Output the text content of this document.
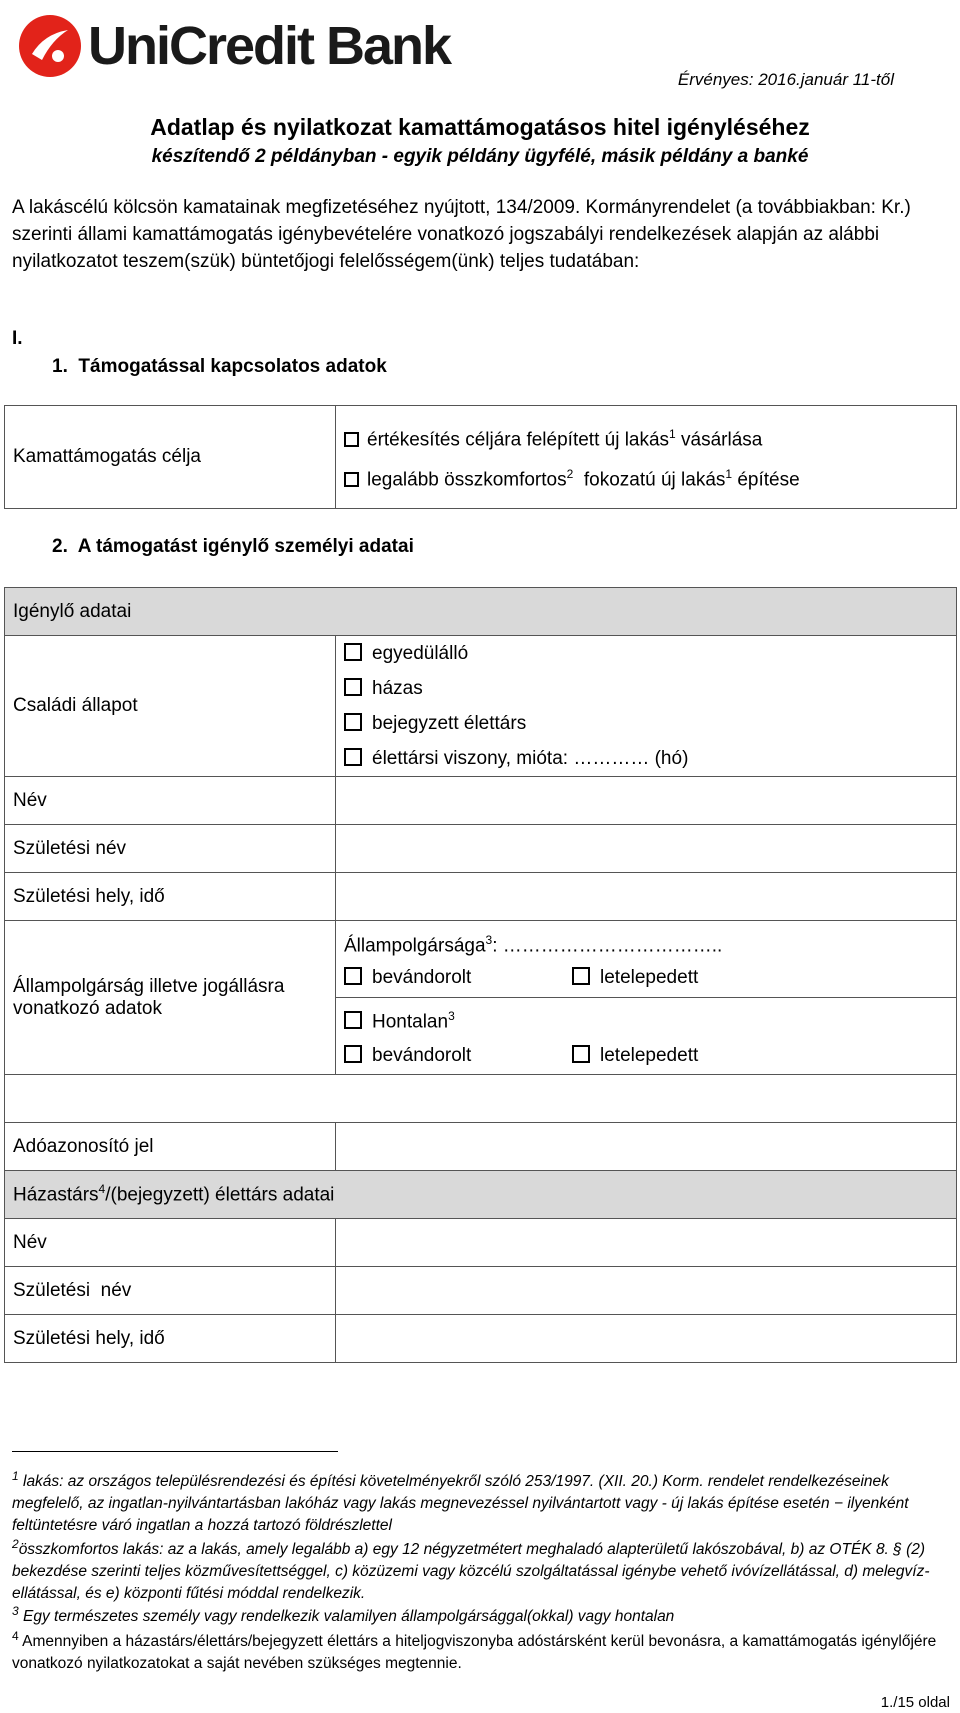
UniCredit Bank
Érvényes: 2016.január 11-től
Adatlap és nyilatkozat kamattámogatásos hitel igényléséhez
készítendő 2 példányban - egyik példány ügyfélé, másik példány a banké
A lakáscélú kölcsön kamatainak megfizetéséhez nyújtott, 134/2009. Kormányrendelet (a továbbiakban: Kr.) szerinti állami kamattámogatás igénybevételére vonatkozó jogszabályi rendelkezések alapján az alábbi nyilatkozatot teszem(szük) büntetőjogi felelősségem(ünk) teljes tudatában:
I.
1. Támogatással kapcsolatos adatok
Kamattámogatás célja	
értékesítés céljára felépített új lakás$^1$ vásárlása
legalább összkomfortos$^2$  fokozatú új lakás$^1$ építése
2. A támogatást igénylő személyi adatai
Igénylő adatai	
Családi állapot	egyedülálló
házas
bejegyzett élettárs
élettársi viszony, mióta: ………… (hó)

Név	
Születési név	
Születési hely, idő	
Állampolgárság illetve jogállásra vonatkozó adatok	Állampolgársága$^3$: ……………………………..
bevándorolt letelepedett

	Hontalan$^3$
bevándorolt letelepedett

Adóazonosító jel	
Házastárs$^4$/(bejegyzett) élettárs adatai	
Név	
Születési  név	
Születési hely, idő	
$^1$ lakás: az országos településrendezési és építési követelményekről szóló 253/1997. (XII. 20.) Korm. rendelet rendelkezéseinek megfelelő, az ingatlan-nyilvántartásban lakóház vagy lakás megnevezéssel nyilvántartott vagy - új lakás építése esetén − ilyenként feltüntetésre váró ingatlan a hozzá tartozó földrészlettel
$^2$összkomfortos lakás: az a lakás, amely legalább a) egy 12 négyzetmétert meghaladó alapterületű lakószobával, b) az OTÉK 8. § (2) bekezdése szerinti teljes közművesítettséggel, c) közüzemi vagy közcélú szolgáltatással igénybe vehető ivóvízellátással, d) melegvíz-ellátással, és e) központi fűtési móddal rendelkezik.
$^3$ Egy természetes személy vagy rendelkezik valamilyen állampolgársággal(okkal) vagy hontalan
$^4$ Amennyiben a házastárs/élettárs/bejegyzett élettárs a hiteljogviszonyba adóstársként kerül bevonásra, a kamattámogatás igénylőjére vonatkozó nyilatkozatokat a saját nevében szükséges megtennie.
1./15 oldal
